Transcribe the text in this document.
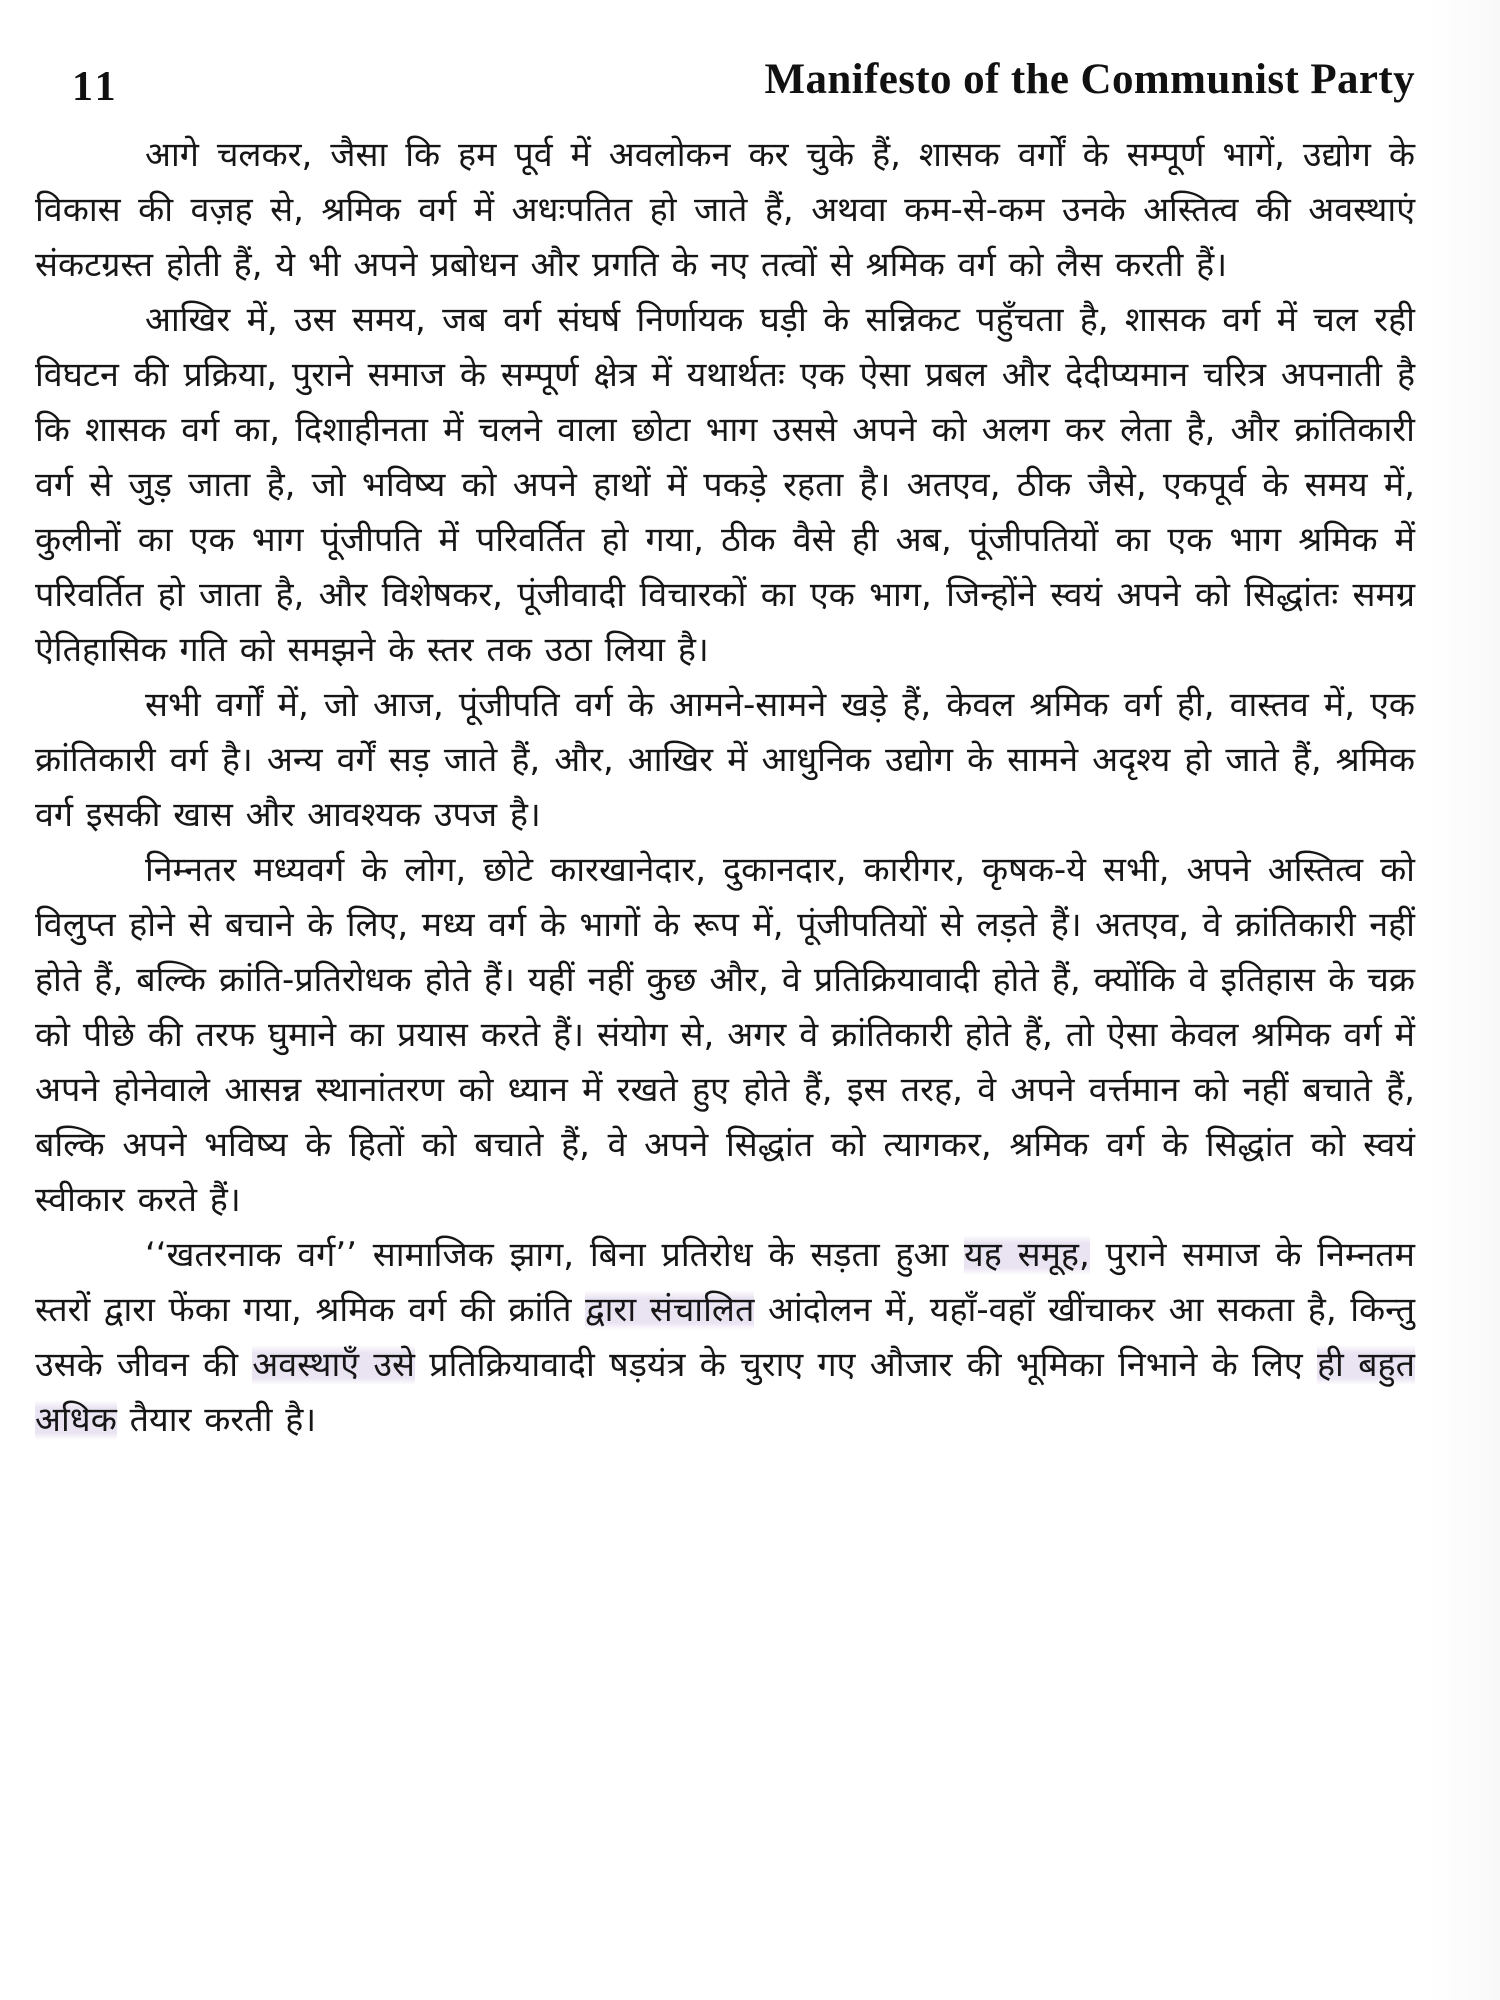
11	Manifesto of the Communist Party

आगे चलकर, जैसा कि हम पूर्व में अवलोकन कर चुके हैं, शासक वर्गों के सम्पूर्ण भागें, उद्योग के विकास की वज़ह से, श्रमिक वर्ग में अधःपतित हो जाते हैं, अथवा कम-से-कम उनके अस्तित्व की अवस्थाएं संकटग्रस्त होती हैं, ये भी अपने प्रबोधन और प्रगति के नए तत्वों से श्रमिक वर्ग को लैस करती हैं।

आखिर में, उस समय, जब वर्ग संघर्ष निर्णायक घड़ी के सन्निकट पहुँचता है, शासक वर्ग में चल रही विघटन की प्रक्रिया, पुराने समाज के सम्पूर्ण क्षेत्र में यथार्थतः एक ऐसा प्रबल और देदीप्यमान चरित्र अपनाती है कि शासक वर्ग का, दिशाहीनता में चलने वाला छोटा भाग उससे अपने को अलग कर लेता है, और क्रांतिकारी वर्ग से जुड़ जाता है, जो भविष्य को अपने हाथों में पकड़े रहता है। अतएव, ठीक जैसे, एकपूर्व के समय में, कुलीनों का एक भाग पूंजीपति में परिवर्तित हो गया, ठीक वैसे ही अब, पूंजीपतियों का एक भाग श्रमिक में परिवर्तित हो जाता है, और विशेषकर, पूंजीवादी विचारकों का एक भाग, जिन्होंने स्वयं अपने को सिद्धांतः समग्र ऐतिहासिक गति को समझने के स्तर तक उठा लिया है।

सभी वर्गों में, जो आज, पूंजीपति वर्ग के आमने-सामने खड़े हैं, केवल श्रमिक वर्ग ही, वास्तव में, एक क्रांतिकारी वर्ग है। अन्य वर्गें सड़ जाते हैं, और, आखिर में आधुनिक उद्योग के सामने अदृश्य हो जाते हैं, श्रमिक वर्ग इसकी खास और आवश्यक उपज है।

निम्नतर मध्यवर्ग के लोग, छोटे कारखानेदार, दुकानदार, कारीगर, कृषक-ये सभी, अपने अस्तित्व को विलुप्त होने से बचाने के लिए, मध्य वर्ग के भागों के रूप में, पूंजीपतियों से लड़ते हैं। अतएव, वे क्रांतिकारी नहीं होते हैं, बल्कि क्रांति-प्रतिरोधक होते हैं। यहीं नहीं कुछ और, वे प्रतिक्रियावादी होते हैं, क्योंकि वे इतिहास के चक्र को पीछे की तरफ घुमाने का प्रयास करते हैं। संयोग से, अगर वे क्रांतिकारी होते हैं, तो ऐसा केवल श्रमिक वर्ग में अपने होनेवाले आसन्न स्थानांतरण को ध्यान में रखते हुए होते हैं, इस तरह, वे अपने वर्त्तमान को नहीं बचाते हैं, बल्कि अपने भविष्य के हितों को बचाते हैं, वे अपने सिद्धांत को त्यागकर, श्रमिक वर्ग के सिद्धांत को स्वयं स्वीकार करते हैं।

‘‘खतरनाक वर्ग’’ सामाजिक झाग, बिना प्रतिरोध के सड़ता हुआ यह समूह, पुराने समाज के निम्नतम स्तरों द्वारा फेंका गया, श्रमिक वर्ग की क्रांति द्वारा संचालित आंदोलन में, यहाँ-वहाँ खींचाकर आ सकता है, किन्तु उसके जीवन की अवस्थाएँ उसे प्रतिक्रियावादी षड़यंत्र के चुराए गए औजार की भूमिका निभाने के लिए ही बहुत अधिक तैयार करती है।
